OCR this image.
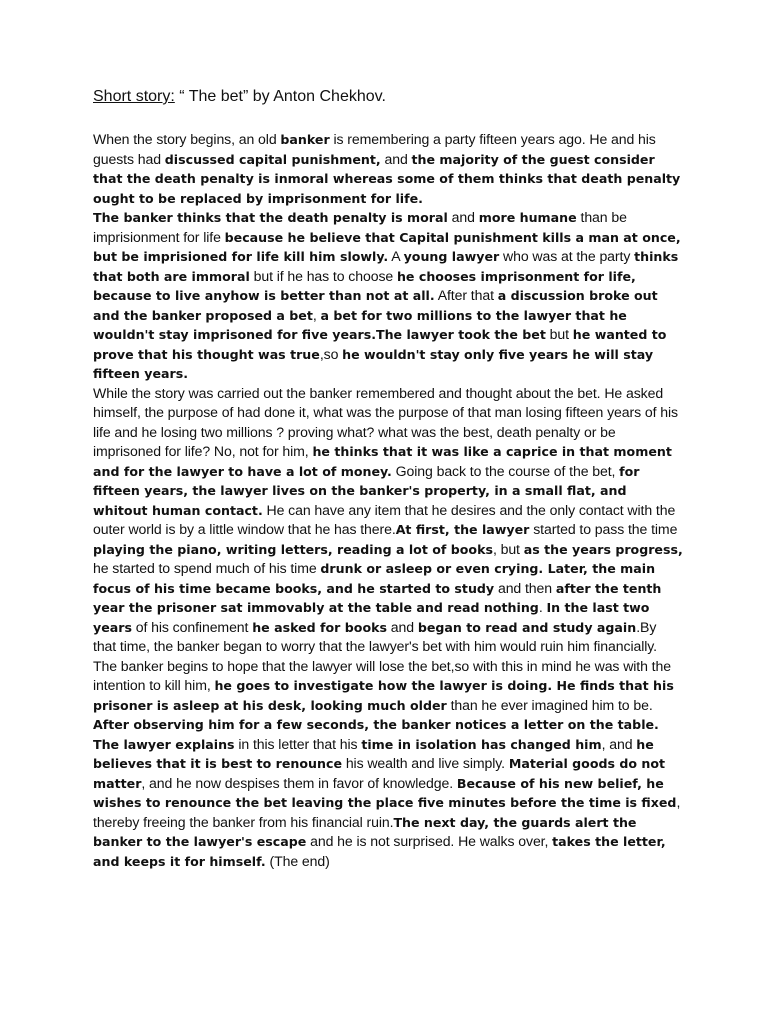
Short story: “ The bet” by Anton Chekhov.

When the story begins, an old banker is remembering a party fifteen years ago. He and his guests had discussed capital punishment, and the majority of the guest consider that the death penalty is inmoral whereas some of them thinks that death penalty ought to be replaced by imprisonment for life.

The banker thinks that the death penalty is moral and more humane than be imprisionment for life because he believe that Capital punishment kills a man at once, but be imprisioned for life kill him slowly. A young lawyer who was at the party thinks that both are immoral but if he has to choose he chooses imprisonment for life, because to live anyhow is better than not at all. After that a discussion broke out and the banker proposed a bet, a bet for two millions to the lawyer that he wouldn't stay imprisoned for five years.The lawyer took the bet but he wanted to prove that his thought was true,so he wouldn't stay only five years he will stay fifteen years.

While the story was carried out the banker remembered and thought about the bet. He asked himself, the purpose of had done it, what was the purpose of that man losing fifteen years of his life and he losing two millions ? proving what? what was the best, death penalty or be imprisoned for life? No, not for him, he thinks that it was like a caprice in that moment and for the lawyer to have a lot of money. Going back to the course of the bet, for fifteen years, the lawyer lives on the banker's property, in a small flat, and whitout human contact. He can have any item that he desires and the only contact with the outer world is by a little window that he has there.At first, the lawyer started to pass the time playing the piano, writing letters, reading a lot of books, but as the years progress, he started to spend much of his time drunk or asleep or even crying. Later, the main focus of his time became books, and he started to study and then after the tenth year the prisoner sat immovably at the table and read nothing. In the last two years of his confinement he asked for books and began to read and study again.By that time, the banker began to worry that the lawyer's bet with him would ruin him financially.

The banker begins to hope that the lawyer will lose the bet,so with this in mind he was with the intention to kill him, he goes to investigate how the lawyer is doing. He finds that his prisoner is asleep at his desk, looking much older than he ever imagined him to be. After observing him for a few seconds, the banker notices a letter on the table. The lawyer explains in this letter that his time in isolation has changed him, and he believes that it is best to renounce his wealth and live simply. Material goods do not matter, and he now despises them in favor of knowledge. Because of his new belief, he wishes to renounce the bet leaving the place five minutes before the time is fixed, thereby freeing the banker from his financial ruin.The next day, the guards alert the banker to the lawyer's escape and he is not surprised. He walks over, takes the letter, and keeps it for himself. (The end)
